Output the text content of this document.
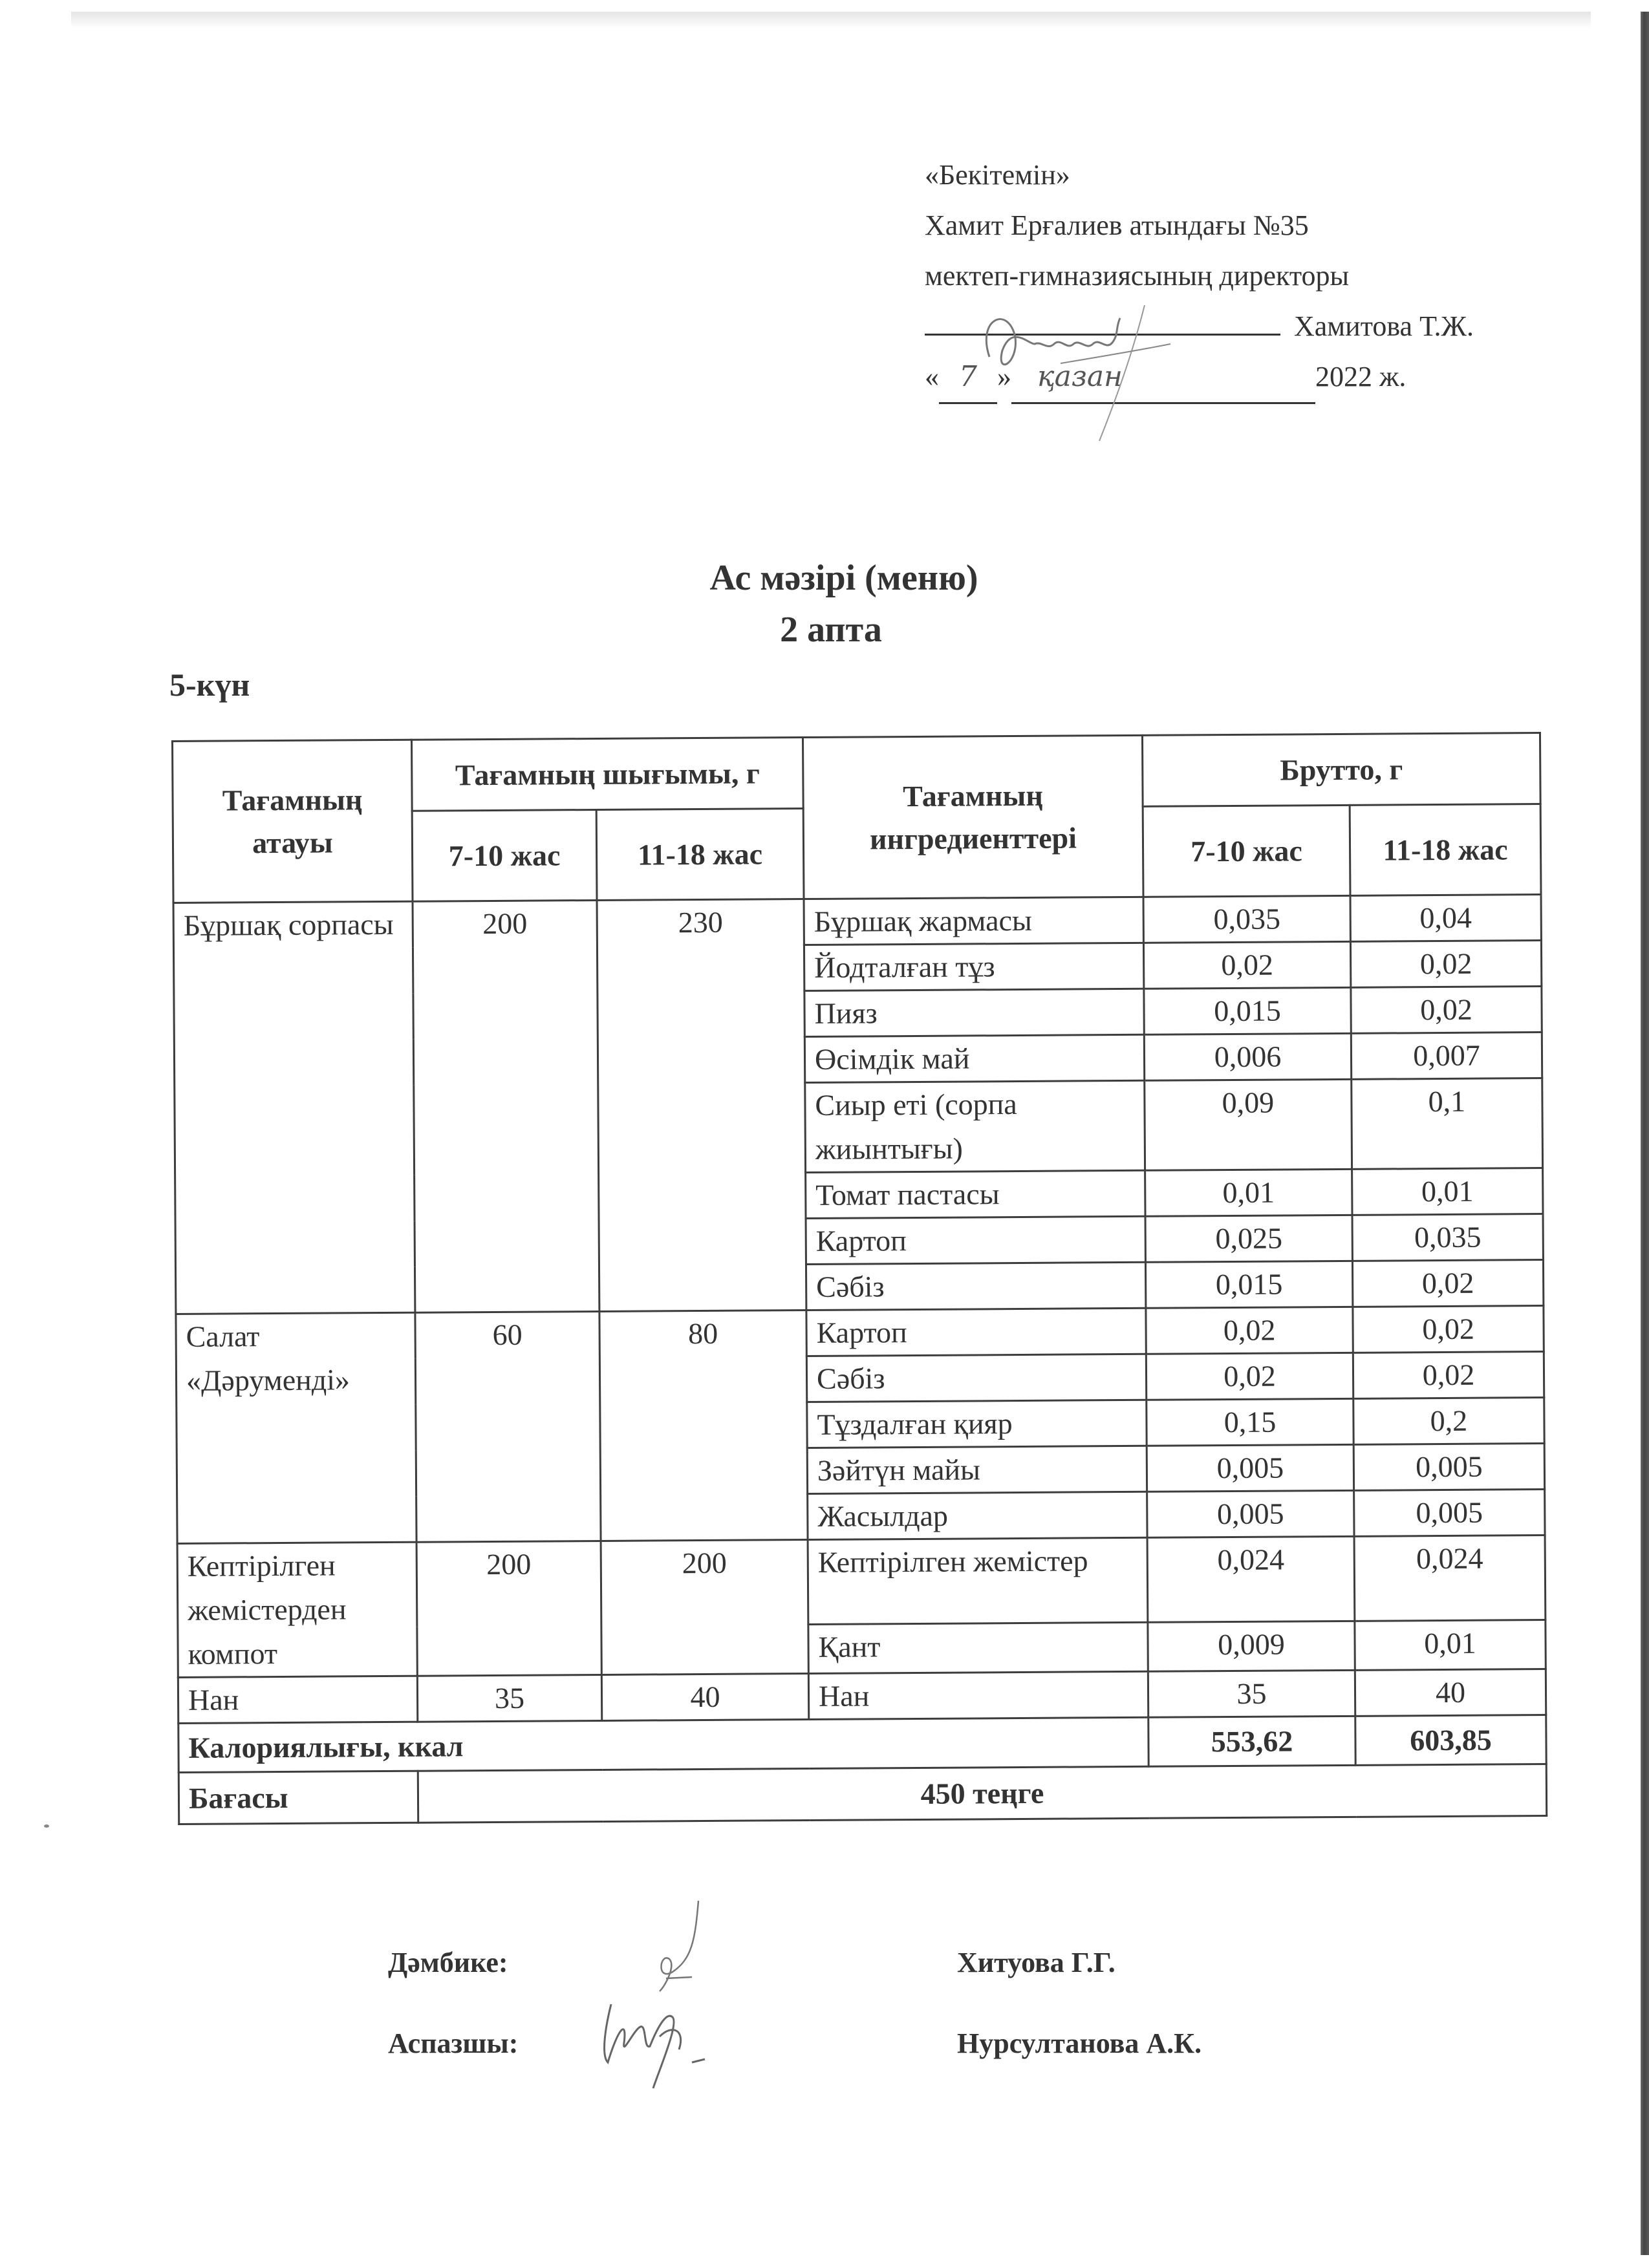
«Бекітемін»
Хамит Ерғалиев атындағы №35
мектеп-гимназиясының директоры
Хамитова Т.Ж.
« 7 » қазан	2022 ж.
Ас мәзірі (меню)
2 апта
5-күн
Тағамның атауы	Тағамның шығымы, г		Тағамның ингредиенттері	Брутто, г	
	7-10 жас	11-18 жас		7-10 жас	11-18 жас
Бұршақ сорпасы	200	230	Бұршақ жармасы	0,035	0,04
			Йодталған тұз	0,02	0,02
			Пияз	0,015	0,02
			Өсімдік май	0,006	0,007
			Сиыр еті (сорпа жиынтығы)	0,09	0,1
			Томат пастасы	0,01	0,01
			Картоп	0,025	0,035
			Сәбіз	0,015	0,02
Салат «Дәрумендi»	60	80	Картоп	0,02	0,02
			Сәбіз	0,02	0,02
			Тұздалған қияр	0,15	0,2
			Зәйтүн майы	0,005	0,005
			Жасылдар	0,005	0,005
Кептірілген жемістерден компот	200	200	Кептірілген жемістер	0,024	0,024
			Қант	0,009	0,01
Нан	35	40	Нан	35	40
Калориялығы, ккал				553,62	603,85
Бағасы	450 теңге				
Дәмбике:	Хитуова Г.Г.
Аспазшы:	Нурсултанова А.К.
